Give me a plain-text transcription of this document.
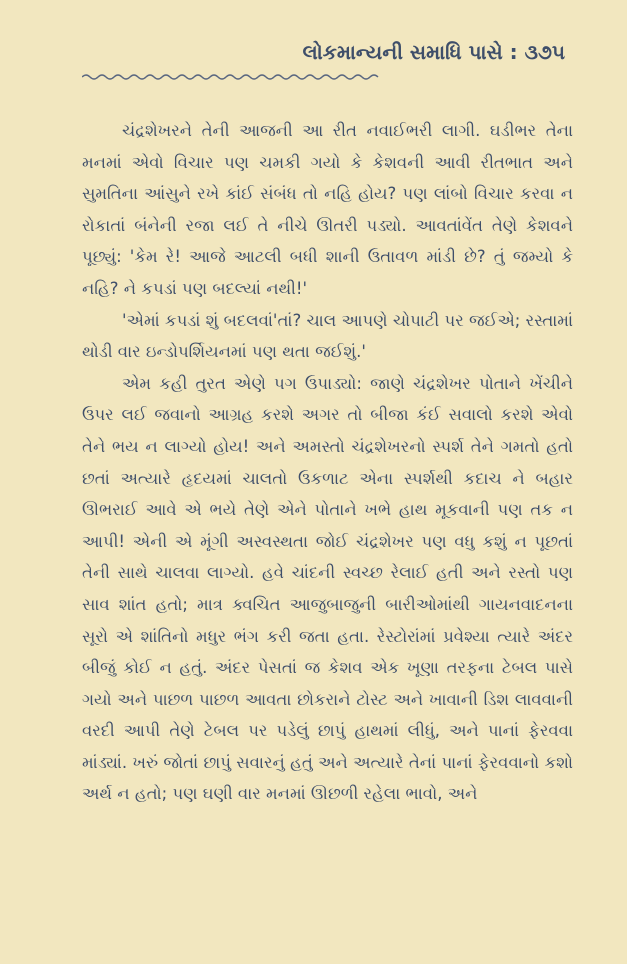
લોકમાન્યની સમાધિ પાસે : ૩૭૫

ચંદ્રશેખરને તેની આજની આ રીત નવાઈભરી લાગી. ઘડીભર તેના મનમાં એવો વિચાર પણ ચમકી ગયો કે કેશવની આવી રીતભાત અને સુમતિના આંસુને રખે કાંઈ સંબંધ તો નહિ હોય? પણ લાંબો વિચાર કરવા ન રોકાતાં બંનેની રજા લઈ તે નીચે ઊતરી પડ્યો. આવતાંવેંત તેણે કેશવને પૂછ્યું: 'કેમ રે! આજે આટલી બધી શાની ઉતાવળ માંડી છે? તું જમ્યો કે નહિ? ને કપડાં પણ બદલ્યાં નથી!'

'એમાં કપડાં શું બદલવાં'તાં? ચાલ આપણે ચોપાટી પર જઈએ; રસ્તામાં થોડી વાર ઇન્ડોપર્શિયનમાં પણ થતા જઈશું.'

એમ કહી તુરત એણે પગ ઉપાડ્યો: જાણે ચંદ્રશેખર પોતાને ખેંચીને ઉપર લઈ જવાનો આગ્રહ કરશે અગર તો બીજા કંઈ સવાલો કરશે એવો તેને ભય ન લાગ્યો હોય! અને અમસ્તો ચંદ્રશેખરનો સ્પર્શ તેને ગમતો હતો છતાં અત્યારે હૃદયમાં ચાલતો ઉકળાટ એના સ્પર્શથી કદાચ ને બહાર ઊભરાઈ આવે એ ભયે તેણે એને પોતાને ખભે હાથ મૂકવાની પણ તક ન આપી! એની એ મૂંગી અસ્વસ્થતા જોઈ ચંદ્રશેખર પણ વધુ કશું ન પૂછતાં તેની સાથે ચાલવા લાગ્યો. હવે ચાંદની સ્વચ્છ રેલાઈ હતી અને રસ્તો પણ સાવ શાંત હતો; માત્ર ક્વચિત આજુબાજુની બારીઓમાંથી ગાયનવાદનના સૂરો એ શાંતિનો મધુર ભંગ કરી જતા હતા. રેસ્ટોરાંમાં પ્રવેશ્યા ત્યારે અંદર બીજું કોઈ ન હતું. અંદર પેસતાં જ કેશવ એક ખૂણા તરફના ટેબલ પાસે ગયો અને પાછળ પાછળ આવતા છોકરાને ટોસ્ટ અને ખાવાની ડિશ લાવવાની વરદી આપી તેણે ટેબલ પર પડેલું છાપું હાથમાં લીધું, અને પાનાં ફેરવવા માંડ્યાં. ખરું જોતાં છાપું સવારનું હતું અને અત્યારે તેનાં પાનાં ફેરવવાનો કશો અર્થ ન હતો; પણ ઘણી વાર મનમાં ઊછળી રહેલા ભાવો, અને
